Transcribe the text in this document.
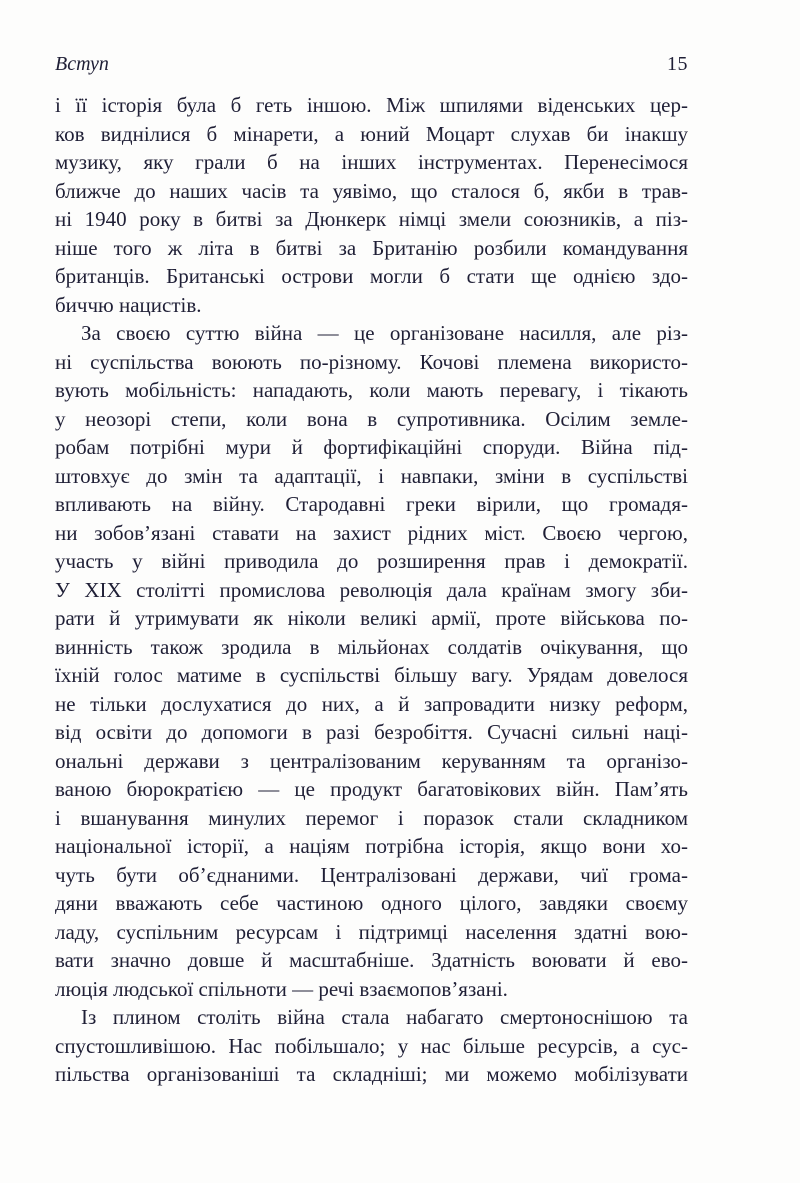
Вступ	15
і її історія була б геть іншою. Між шпилями віденських цер-
ков виднілися б мінарети, а юний Моцарт слухав би інакшу
музику, яку грали б на інших інструментах. Перенесімося
ближче до наших часів та уявімо, що сталося б, якби в трав-
ні 1940 року в битві за Дюнкерк німці змели союзників, а піз-
ніше того ж літа в битві за Британію розбили командування
британців. Британські острови могли б стати ще однією здо-
биччю нацистів.
За своєю суттю війна — це організоване насилля, але різ-
ні суспільства воюють по-різному. Кочові племена використо-
вують мобільність: нападають, коли мають перевагу, і тікають
у неозорі степи, коли вона в супротивника. Осілим земле-
робам потрібні мури й фортифікаційні споруди. Війна під-
штовхує до змін та адаптації, і навпаки, зміни в суспільстві
впливають на війну. Стародавні греки вірили, що громадя-
ни зобов’язані ставати на захист рідних міст. Своєю чергою,
участь у війні приводила до розширення прав і демократії.
У XIX столітті промислова революція дала країнам змогу зби-
рати й утримувати як ніколи великі армії, проте військова по-
винність також зродила в мільйонах солдатів очікування, що
їхній голос матиме в суспільстві більшу вагу. Урядам довелося
не тільки дослухатися до них, а й запровадити низку реформ,
від освіти до допомоги в разі безробіття. Сучасні сильні наці-
ональні держави з централізованим керуванням та організо-
ваною бюрократією — це продукт багатовікових війн. Пам’ять
і вшанування минулих перемог і поразок стали складником
національної історії, а націям потрібна історія, якщо вони хо-
чуть бути об’єднаними. Централізовані держави, чиї грома-
дяни вважають себе частиною одного цілого, завдяки своєму
ладу, суспільним ресурсам і підтримці населення здатні вою-
вати значно довше й масштабніше. Здатність воювати й ево-
люція людської спільноти — речі взаємопов’язані.
Із плином століть війна стала набагато смертоноснішою та
спустошливішою. Нас побільшало; у нас більше ресурсів, а сус-
пільства організованіші та складніші; ми можемо мобілізувати
